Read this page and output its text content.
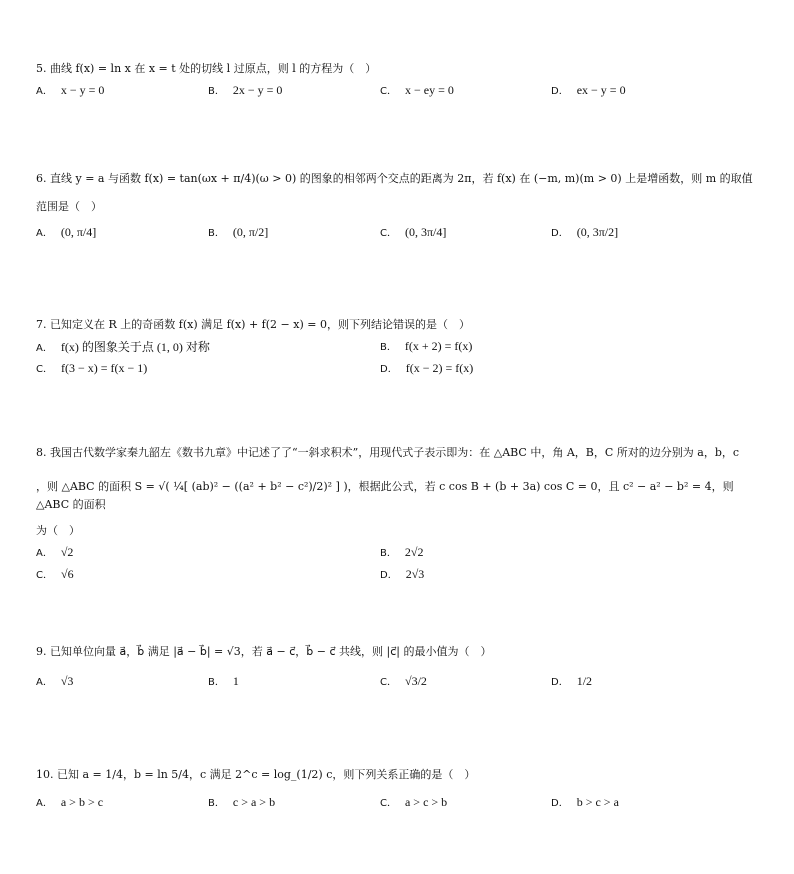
5. 曲线 f(x) = ln x 在 x = t 处的切线 l 过原点，则 l 的方程为（　）
A． x − y = 0	B． 2x − y = 0	C． x − ey = 0	D． ex − y = 0
6. 直线 y = a 与函数 f(x) = tan(ωx + π/4)(ω > 0) 的图象的相邻两个交点的距离为 2π，若 f(x) 在 (−m, m)(m > 0) 上是增函数，则 m 的取值
范围是（　）
A． (0, π/4]	B． (0, π/2]	C． (0, 3π/4]	D． (0, 3π/2]
7. 已知定义在 R 上的奇函数 f(x) 满足 f(x) + f(2 − x) = 0，则下列结论错误的是（　）
A． f(x) 的图象关于点 (1, 0) 对称	B． f(x + 2) = f(x)
C． f(3 − x) = f(x − 1)	D． f(x − 2) = f(x)
8. 我国古代数学家秦九韶左《数书九章》中记述了了“一斜求积术”，用现代式子表示即为：在 △ABC 中，角 A，B，C 所对的边分别为 a，b，c
，则 △ABC 的面积 S = √( ¼[ (ab)² − ((a² + b² − c²)/2)² ] )，根据此公式，若 c cos B + (b + 3a) cos C = 0，且 c² − a² − b² = 4，则 △ABC 的面积
为（　）
A． √2	B． 2√2
C． √6	D． 2√3
9. 已知单位向量 a⃗，b⃗ 满足 |a⃗ − b⃗| = √3，若 a⃗ − c⃗，b⃗ − c⃗ 共线，则 |c⃗| 的最小值为（　）
A． √3	B． 1	C． √3/2	D． 1/2
10. 已知 a = 1/4，b = ln 5/4，c 满足 2^c = log_(1/2) c，则下列关系正确的是（　）
A． a > b > c	B． c > a > b	C． a > c > b	D． b > c > a
